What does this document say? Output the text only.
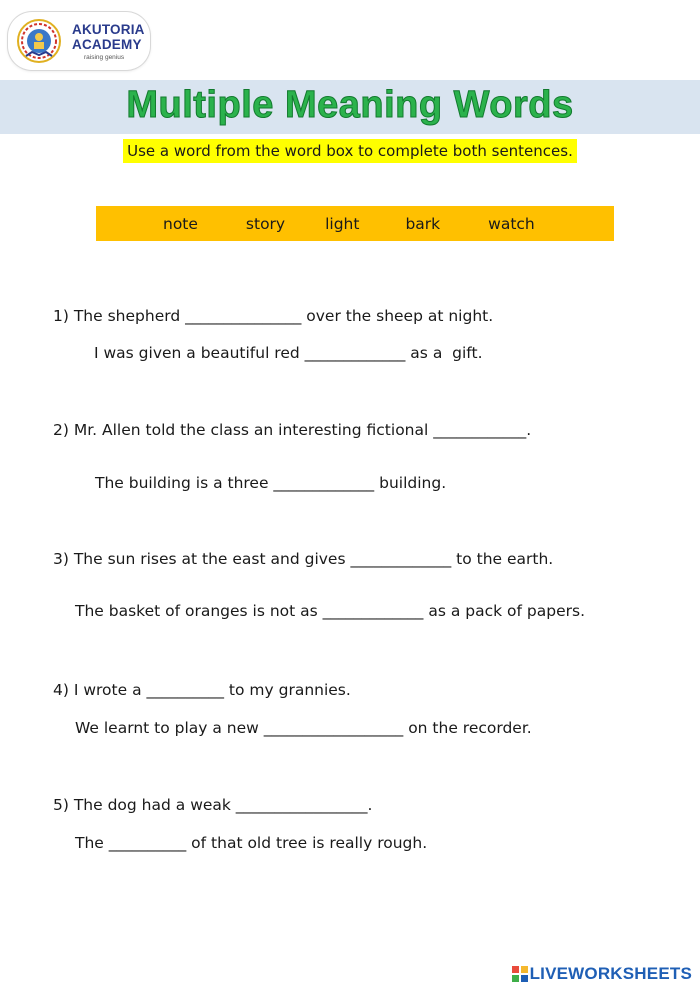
AKUTORIA
ACADEMY
raising genius
Multiple Meaning Words
Use a word from the word box to complete both sentences.
note	story	light	bark	watch
1) The shepherd _______________ over the sheep at night.
I was given a beautiful red _____________ as a  gift.
2) Mr. Allen told the class an interesting fictional ____________.
The building is a three _____________ building.
3) The sun rises at the east and gives _____________ to the earth.
The basket of oranges is not as _____________ as a pack of papers.
4) I wrote a __________ to my grannies.
We learnt to play a new __________________ on the recorder.
5) The dog had a weak _________________.
The __________ of that old tree is really rough.
LIVEWORKSHEETS
